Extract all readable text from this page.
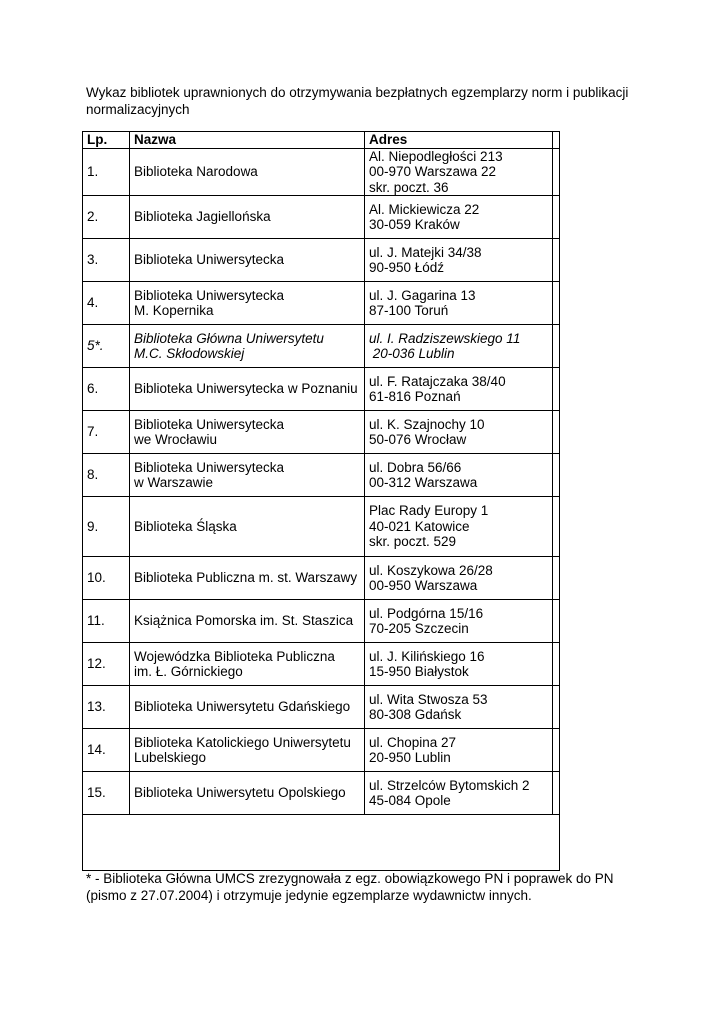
Wykaz bibliotek uprawnionych do otrzymywania bezpłatnych egzemplarzy norm i publikacji normalizacyjnych
Lp.	Nazwa	Adres	
1.	Biblioteka Narodowa	Al. Niepodległości 213
00-970 Warszawa 22
skr. poczt. 36	

2.	Biblioteka Jagiellońska	Al. Mickiewicza 22
30-059 Kraków	

3.	Biblioteka Uniwersytecka	ul. J. Matejki 34/38
90-950 Łódź	

4.	Biblioteka Uniwersytecka
M. Kopernika	ul. J. Gagarina 13
87-100 Toruń	

5*.	Biblioteka Główna Uniwersytetu
M.C. Skłodowskiej	ul. I. Radziszewskiego 11
20-036 Lublin	

6.	Biblioteka Uniwersytecka w Poznaniu	ul. F. Ratajczaka 38/40
61-816 Poznań	

7.	Biblioteka Uniwersytecka
we Wrocławiu	ul. K. Szajnochy 10
50-076 Wrocław	

8.	Biblioteka Uniwersytecka
w Warszawie	ul. Dobra 56/66
00-312 Warszawa	

9.	Biblioteka Śląska	Plac Rady Europy 1
40-021 Katowice
skr. poczt. 529	

10.	Biblioteka Publiczna m. st. Warszawy	ul. Koszykowa 26/28
00-950 Warszawa	

11.	Książnica Pomorska im. St. Staszica	ul. Podgórna 15/16
70-205 Szczecin	

12.	Wojewódzka Biblioteka Publiczna
im. Ł. Górnickiego	ul. J. Kilińskiego 16
15-950 Białystok	

13.	Biblioteka Uniwersytetu Gdańskiego	ul. Wita Stwosza 53
80-308 Gdańsk	

14.	Biblioteka Katolickiego Uniwersytetu
Lubelskiego	ul. Chopina 27
20-950 Lublin	

15.	Biblioteka Uniwersytetu Opolskiego	ul. Strzelców Bytomskich 2
45-084 Opole	

* - Biblioteka Główna UMCS zrezygnowała z egz. obowiązkowego PN i poprawek do PN (pismo z 27.07.2004) i otrzymuje jedynie egzemplarze wydawnictw innych.
